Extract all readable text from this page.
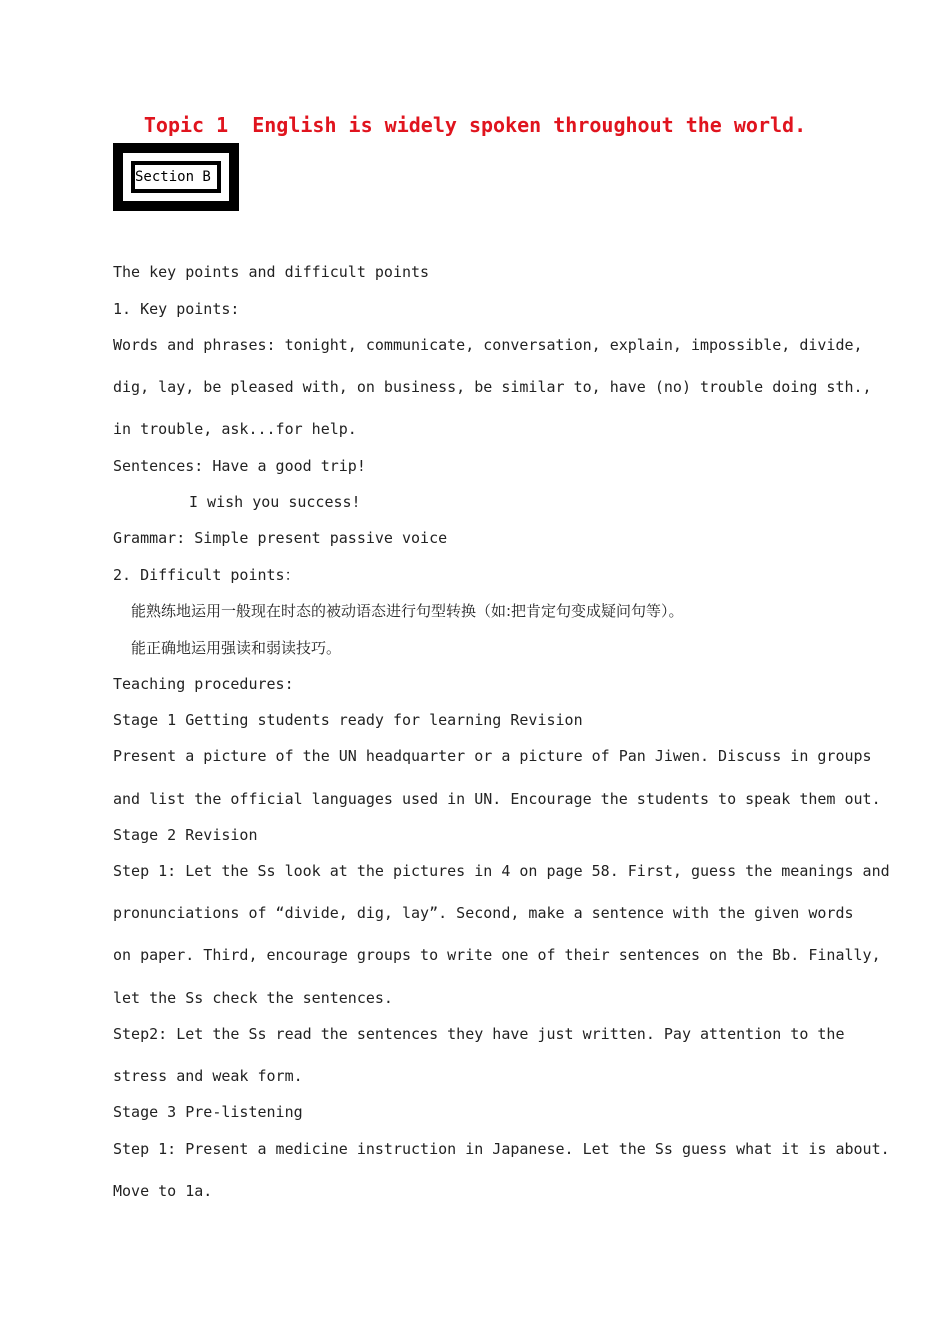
Topic 1  English is widely spoken throughout the world.
Section B
The key points and difficult points
1. Key points:
Words and phrases: tonight, communicate, conversation, explain, impossible, divide,
dig, lay, be pleased with, on business, be similar to, have (no) trouble doing sth.,
in trouble, ask...for help.
Sentences: Have a good trip!
I wish you success!
Grammar: Simple present passive voice
2. Difficult points：
能熟练地运用一般现在时态的被动语态进行句型转换（如:把肯定句变成疑问句等）。
能正确地运用强读和弱读技巧。
Teaching procedures:
Stage 1 Getting students ready for learning Revision
Present a picture of the UN headquarter or a picture of Pan Jiwen. Discuss in groups
and list the official languages used in UN. Encourage the students to speak them out.
Stage 2 Revision
Step 1: Let the Ss look at the pictures in 4 on page 58. First, guess the meanings and
pronunciations of “divide, dig, lay”. Second, make a sentence with the given words
on paper. Third, encourage groups to write one of their sentences on the Bb. Finally,
let the Ss check the sentences.
Step2: Let the Ss read the sentences they have just written. Pay attention to the
stress and weak form.
Stage 3 Pre-listening
Step 1: Present a medicine instruction in Japanese. Let the Ss guess what it is about.
Move to 1a.
